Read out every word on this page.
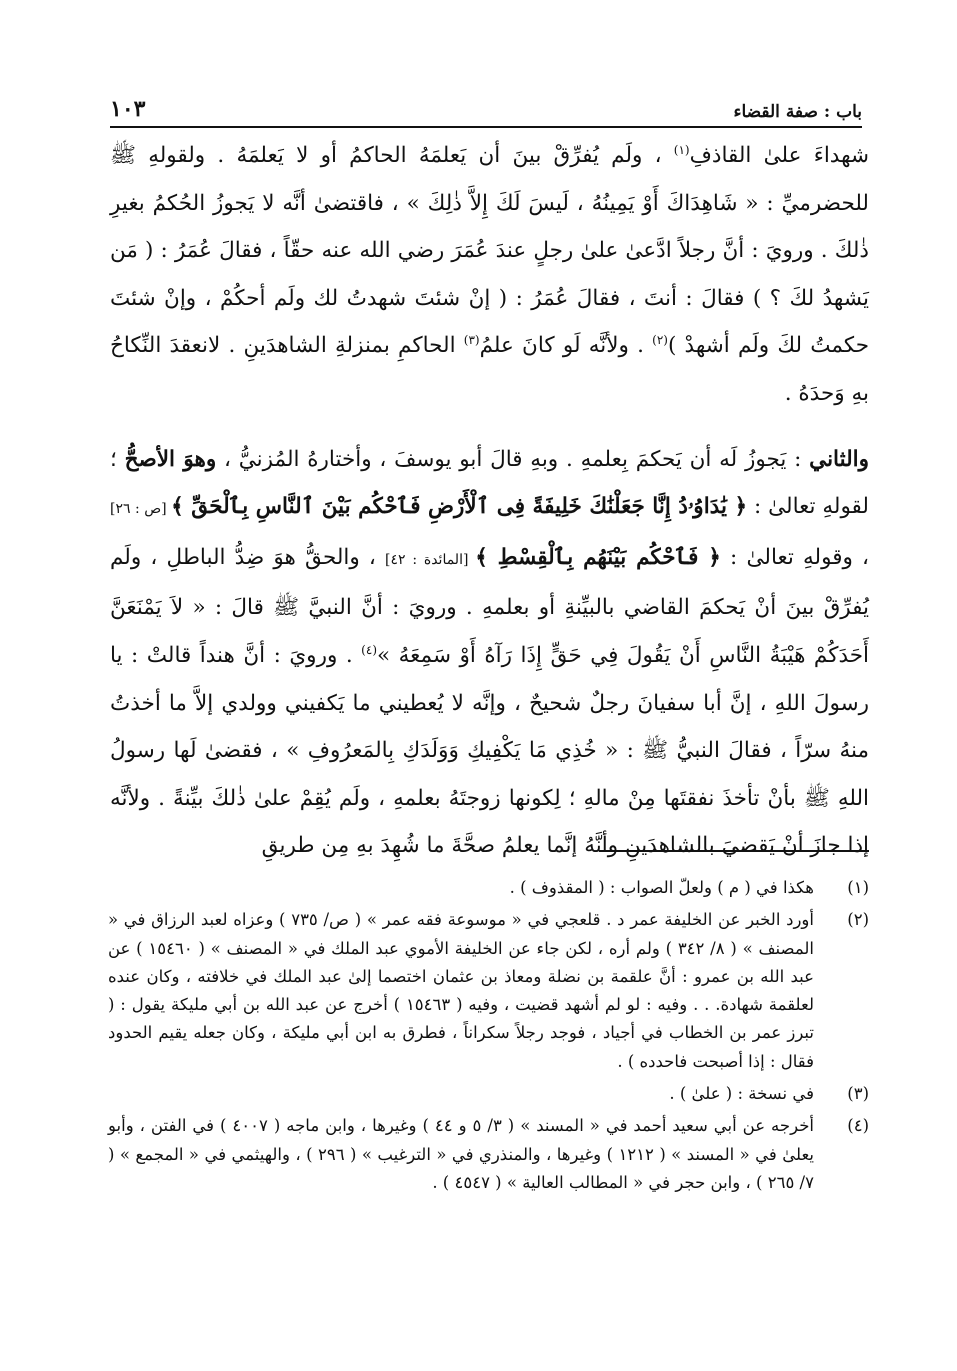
باب : صفة القضاء
١٠٣

شهداءَ علىٰ القاذفِ$^{(١)}$ ، ولَم يُفرِّقْ بينَ أن يَعلمَهُ الحاكمُ أو لا يَعلمَهُ . ولقولهِ ﷺ للحضرميِّ : « شَاهِدَاكَ أَوْ يَمِينُهُ ، لَيسَ لَكَ إِلاَّ ذٰلِكَ » ، فاقتضىٰ أنَّه لا يَجوزُ الحُكمُ بغيرِ ذٰلكَ . ورويَ : أنَّ رجلاً ادَّعىٰ علىٰ رجلٍ عندَ عُمَرَ رضي الله عنه حقّاً ، فقالَ عُمَرُ : ( مَن يَشهدُ لكَ ؟ ) فقالَ : أنتَ ، فقالَ عُمَرُ : ( إنْ شئتَ شهدتُ لك ولَم أحكُمْ ، وإنْ شئتَ حكمتُ لكَ ولَم أشهدْ )$^{(٢)}$ . ولأنَّه لَو كانَ علمُ$^{(٣)}$ الحاكمِ بمنزلةِ الشاهدَينِ . لانعقدَ النِّكاحُ بهِ وَحدَهُ .

والثاني : يَجوزُ لَه أن يَحكمَ بِعلمهِ . وبهِ قالَ أبو يوسفَ ، وأختارهُ المُزنيُّ ، وهوَ الأصحُّ ؛ لقولهِ تعالىٰ : ﴿ يَٰدَاوُۥدُ إِنَّا جَعَلْنَٰكَ خَلِيفَةً فِى ٱلْأَرْضِ فَٱحْكُم بَيْنَ ٱلنَّاسِ بِٱلْحَقِّ ﴾ [ص : ٢٦] ، وقولهِ تعالىٰ : ﴿ فَٱحْكُم بَيْنَهُم بِٱلْقِسْطِ ﴾ [المائدة : ٤٢] ، والحقُّ هوَ ضِدُّ الباطلِ ، ولَم يُفرِّقْ بينَ أنْ يَحكمَ القاضي بالبيِّنةِ أو بعلمهِ . ورويَ : أنَّ النبيَّ ﷺ قالَ : « لاَ يَمْنَعَنَّ أَحَدَكُمْ هَيْبَةُ النَّاسِ أَنْ يَقُولَ فِي حَقٍّ إِذَا رَآهُ أَوْ سَمِعَهُ »$^{(٤)}$ . ورويَ : أنَّ هنداً قالتْ : يا رسولَ اللهِ ، إنَّ أبا سفيانَ رجلٌ شحيحٌ ، وإنَّه لا يُعطيني ما يَكفيني وولدي إلاَّ ما أخذتُ منهُ سرّاً ، فقالَ النبيُّ ﷺ : « خُذِي مَا يَكْفِيكِ وَوَلَدَكِ بِالمَعرُوفِ » ، فقضىٰ لَها رسولُ اللهِ ﷺ بأنْ تأخذَ نفقتَها مِنْ مالهِ ؛ لِكونها زوجتَهُ بعلمهِ ، ولَم يُقِمْ علىٰ ذٰلكَ بيِّنةً . ولأنَّه إذا جازَ أنْ يَقضيَ بالشاهدَينِ وأنَّهُ إنَّما يعلمُ صحَّةَ ما شُهِدَ بهِ مِن طريقِ

(١)
هكذا في ( م ) ولعلّ الصواب : ( المقذوف ) .
(٢)
أورد الخبر عن الخليفة عمر د . قلعجي في « موسوعة فقه عمر » ( ص/ ٧٣٥ ) وعزاه لعبد الرزاق في « المصنف » ( ٨/ ٣٤٢ ) ولم أره ، لكن جاء عن الخليفة الأموي عبد الملك في « المصنف » ( ١٥٤٦٠ ) عن عبد الله بن عمرو : أنَّ علقمة بن نضلة ومعاذ بن عثمان اختصما إلىٰ عبد الملك في خلافته ، وكان عنده لعلقمة شهادة. . . وفيه : لو لم أشهد قضيت ، وفيه ( ١٥٤٦٣ ) أخرج عن عبد الله بن أبي مليكة يقول : ( تبرز عمر بن الخطاب في أجياد ، فوجد رجلاً سكراناً ، فطرق به ابن أبي مليكة ، وكان جعله يقيم الحدود فقال : إذا أصبحت فاحدده ) .
(٣)
في نسخة : ( علىٰ ) .
(٤)
أخرجه عن أبي سعيد أحمد في « المسند » ( ٣/ ٥ و ٤٤ ) وغيرها ، وابن ماجه ( ٤٠٠٧ ) في الفتن ، وأبو يعلىٰ في « المسند » ( ١٢١٢ ) وغيرها ، والمنذري في « الترغيب » ( ٢٩٦ ) ، والهيثمي في « المجمع » ( ٧/ ٢٦٥ ) ، وابن حجر في « المطالب العالية » ( ٤٥٤٧ ) .
